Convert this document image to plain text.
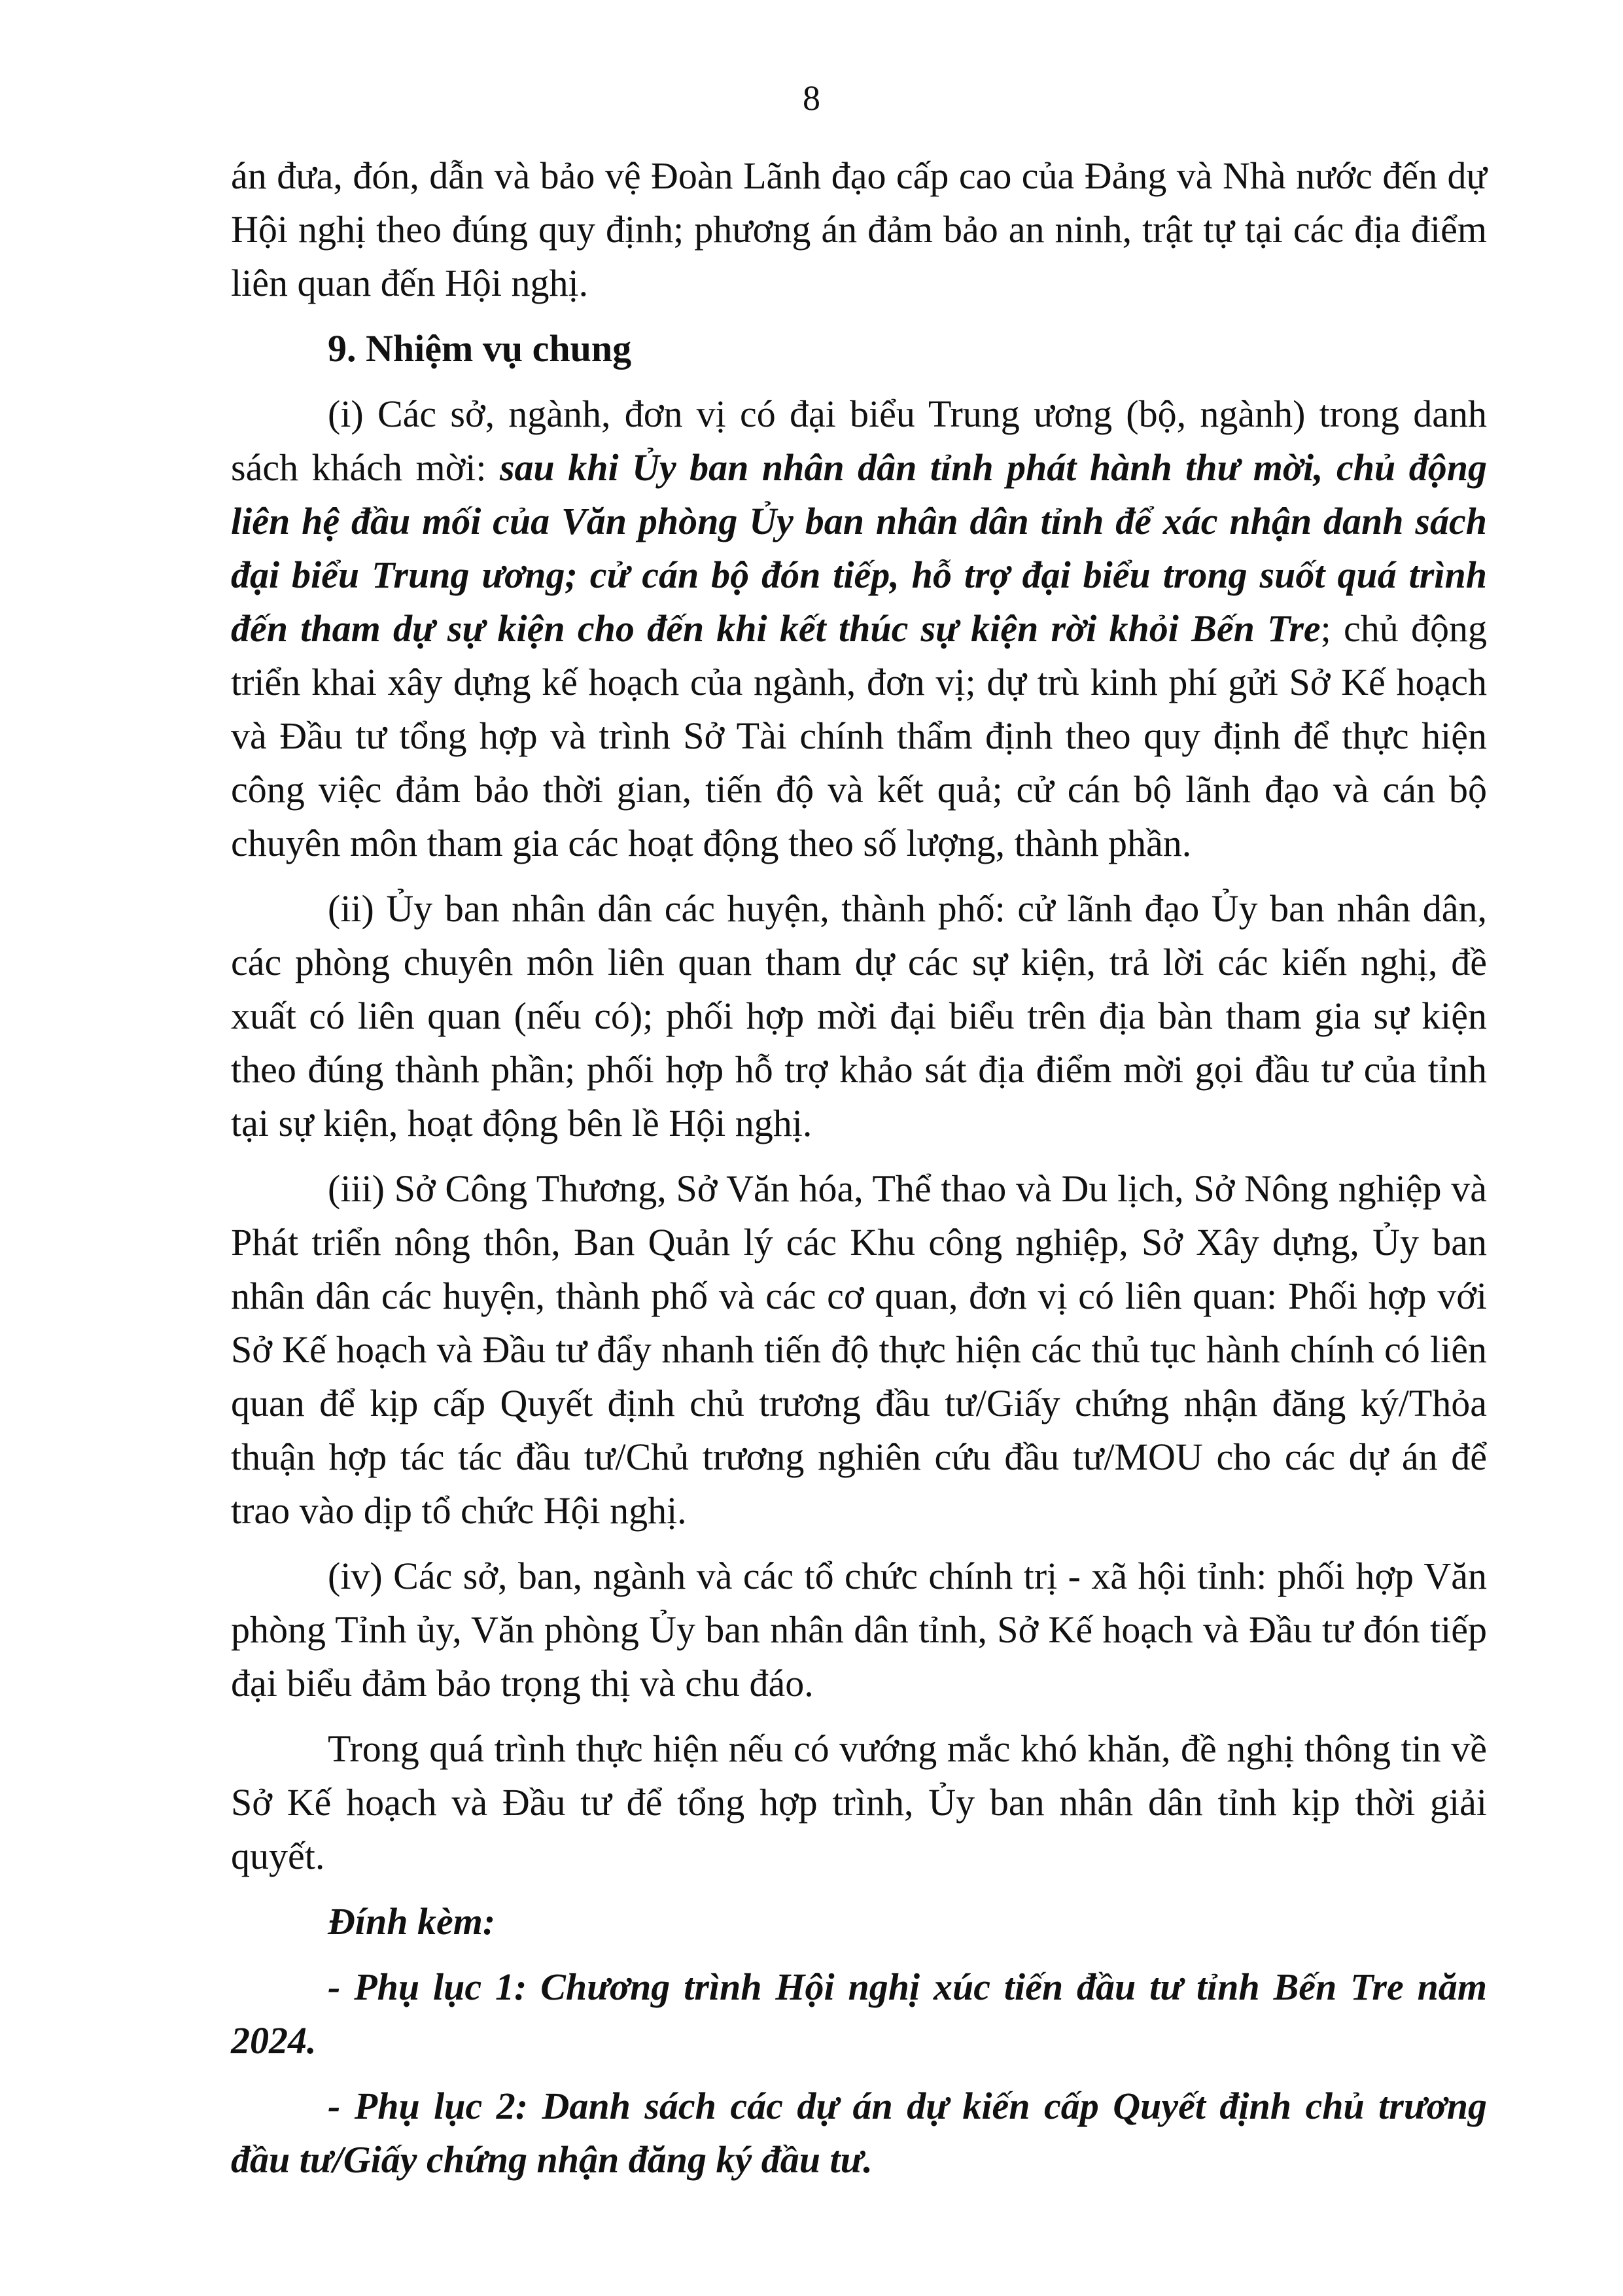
8

án đưa, đón, dẫn và bảo vệ Đoàn Lãnh đạo cấp cao của Đảng và Nhà nước đến dự Hội nghị theo đúng quy định; phương án đảm bảo an ninh, trật tự tại các địa điểm liên quan đến Hội nghị.

9. Nhiệm vụ chung

(i) Các sở, ngành, đơn vị có đại biểu Trung ương (bộ, ngành) trong danh sách khách mời: sau khi Ủy ban nhân dân tỉnh phát hành thư mời, chủ động liên hệ đầu mối của Văn phòng Ủy ban nhân dân tỉnh để xác nhận danh sách đại biểu Trung ương; cử cán bộ đón tiếp, hỗ trợ đại biểu trong suốt quá trình đến tham dự sự kiện cho đến khi kết thúc sự kiện rời khỏi Bến Tre; chủ động triển khai xây dựng kế hoạch của ngành, đơn vị; dự trù kinh phí gửi Sở Kế hoạch và Đầu tư tổng hợp và trình Sở Tài chính thẩm định theo quy định để thực hiện công việc đảm bảo thời gian, tiến độ và kết quả; cử cán bộ lãnh đạo và cán bộ chuyên môn tham gia các hoạt động theo số lượng, thành phần.

(ii) Ủy ban nhân dân các huyện, thành phố: cử lãnh đạo Ủy ban nhân dân, các phòng chuyên môn liên quan tham dự các sự kiện, trả lời các kiến nghị, đề xuất có liên quan (nếu có); phối hợp mời đại biểu trên địa bàn tham gia sự kiện theo đúng thành phần; phối hợp hỗ trợ khảo sát địa điểm mời gọi đầu tư của tỉnh tại sự kiện, hoạt động bên lề Hội nghị.

(iii) Sở Công Thương, Sở Văn hóa, Thể thao và Du lịch, Sở Nông nghiệp và Phát triển nông thôn, Ban Quản lý các Khu công nghiệp, Sở Xây dựng, Ủy ban nhân dân các huyện, thành phố và các cơ quan, đơn vị có liên quan: Phối hợp với Sở Kế hoạch và Đầu tư đẩy nhanh tiến độ thực hiện các thủ tục hành chính có liên quan để kịp cấp Quyết định chủ trương đầu tư/Giấy chứng nhận đăng ký/Thỏa thuận hợp tác tác đầu tư/Chủ trương nghiên cứu đầu tư/MOU cho các dự án để trao vào dịp tổ chức Hội nghị.

(iv) Các sở, ban, ngành và các tổ chức chính trị - xã hội tỉnh: phối hợp Văn phòng Tỉnh ủy, Văn phòng Ủy ban nhân dân tỉnh, Sở Kế hoạch và Đầu tư đón tiếp đại biểu đảm bảo trọng thị và chu đáo.

Trong quá trình thực hiện nếu có vướng mắc khó khăn, đề nghị thông tin về Sở Kế hoạch và Đầu tư để tổng hợp trình, Ủy ban nhân dân tỉnh kịp thời giải quyết.

Đính kèm:

- Phụ lục 1: Chương trình Hội nghị xúc tiến đầu tư tỉnh Bến Tre năm 2024.

- Phụ lục 2: Danh sách các dự án dự kiến cấp Quyết định chủ trương đầu tư/Giấy chứng nhận đăng ký đầu tư.
